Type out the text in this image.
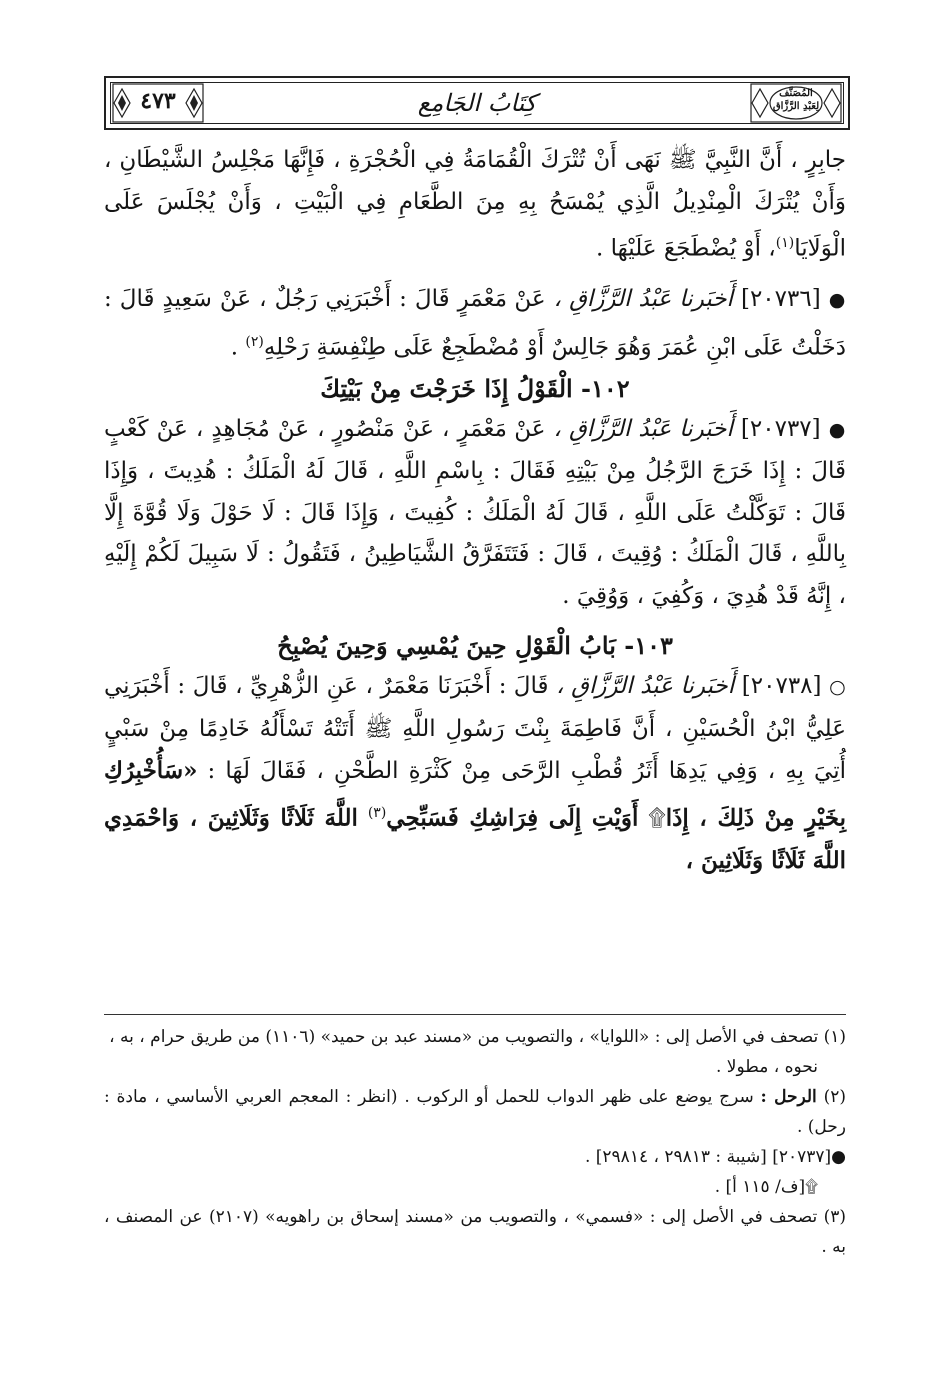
٤٧٣	المُصَنَّف
لِعَبْدِ الرَّزَّاق
كِتَابُ الجَامِع

جابِرٍ ، أَنَّ النَّبِيَّ ﷺ نَهَى أَنْ تُتْرَكَ الْقُمَامَةُ فِي الْحُجْرَةِ ، فَإِنَّهَا مَجْلِسُ الشَّيْطَانِ ، وَأَنْ يُتْرَكَ الْمِنْدِيلُ الَّذِي يُمْسَحُ بِهِ مِنَ الطَّعَامِ فِي الْبَيْتِ ، وَأَنْ يُجْلَسَ عَلَى الْوَلَايَا$^{(١)}$، أَوْ يُضْطَجَعَ عَلَيْهَا .

● [٢٠٧٣٦] أَخبَرنا عَبْدُ الرَّزَّاقِ ، عَنْ مَعْمَرٍ قَالَ : أَخْبَرَنِي رَجُلٌ ، عَنْ سَعِيدٍ قَالَ : دَخَلْتُ عَلَى ابْنِ عُمَرَ وَهُوَ جَالِسٌ أَوْ مُضْطَجِعٌ عَلَى طِنْفِسَةِ رَحْلِهِ$^{(٢)}$ .

١٠٢- الْقَوْلُ إِذَا خَرَجْتَ مِنْ بَيْتِكَ

● [٢٠٧٣٧] أَخبَرنا عَبْدُ الرَّزَّاقِ ، عَنْ مَعْمَرٍ ، عَنْ مَنْصُورٍ ، عَنْ مُجَاهِدٍ ، عَنْ كَعْبٍ قَالَ : إِذَا خَرَجَ الرَّجُلُ مِنْ بَيْتِهِ فَقَالَ : بِاسْمِ اللَّهِ ، قَالَ لَهُ الْمَلَكُ : هُدِيتَ ، وَإِذَا قَالَ : تَوَكَّلْتُ عَلَى اللَّهِ ، قَالَ لَهُ الْمَلَكُ : كُفِيتَ ، وَإِذَا قَالَ : لَا حَوْلَ وَلَا قُوَّةَ إِلَّا بِاللَّهِ ، قَالَ الْمَلَكُ : وُقِيتَ ، قَالَ : فَتَتَفَرَّقُ الشَّيَاطِينُ ، فَتَقُولُ : لَا سَبِيلَ لَكُمْ إِلَيْهِ ، إِنَّهُ قَدْ هُدِيَ ، وَكُفِيَ ، وَوُقِيَ .

١٠٣- بَابُ الْقَوْلِ حِينَ يُمْسِي وَحِينَ يُصْبِحُ

○ [٢٠٧٣٨] أَخبَرنا عَبْدُ الرَّزَّاقِ ، قَالَ : أَخْبَرَنَا مَعْمَرٌ ، عَنِ الزُّهْرِيِّ ، قَالَ : أَخْبَرَنِي عَلِيُّ ابْنُ الْحُسَيْنِ ، أَنَّ فَاطِمَةَ بِنْتَ رَسُولِ اللَّهِ ﷺ أَتَتْهُ تَسْأَلُهُ خَادِمًا مِنْ سَبْيٍ أُتِيَ بِهِ ، وَفِي يَدِهَا أَثَرُ قُطْبِ الرَّحَى مِنْ كَثْرَةِ الطَّحْنِ ، فَقَالَ لَهَا : «سَأُخْبِرُكِ بِخَيْرٍ مِنْ ذَلِكَ ، إِذَا۩ أَوَيْتِ إِلَى فِرَاشِكِ فَسَبِّحِي$^{(٣)}$ اللَّهَ ثَلَاثًا وَثَلَاثِينَ ، وَاحْمَدِي اللَّهَ ثَلَاثًا وَثَلَاثِينَ ،

(١) تصحف في الأصل إلى : «اللوايا» ، والتصويب من «مسند عبد بن حميد» (١١٠٦) من طريق حرام ، به ،

نحوه ، مطولا .

(٢) الرحل : سرج يوضع على ظهر الدواب للحمل أو الركوب . (انظر : المعجم العربي الأساسي ، مادة : رحل) .

●[٢٠٧٣٧] [شيبة : ٢٩٨١٣ ، ٢٩٨١٤] .

۩[ف/ ١١٥ أ] .

(٣) تصحف في الأصل إلى : «فسمي» ، والتصويب من «مسند إسحاق بن راهويه» (٢١٠٧) عن المصنف ، به .
